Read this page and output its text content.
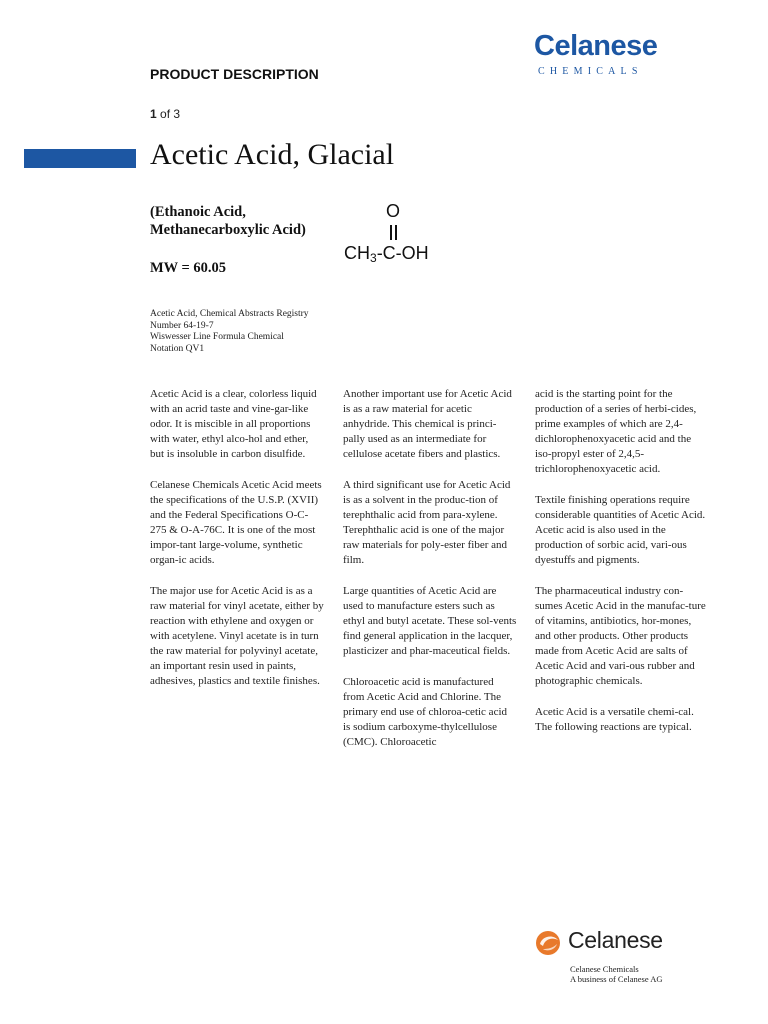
Celanese
CHEMICALS
PRODUCT DESCRIPTION
1 of 3
Acetic Acid, Glacial
(Ethanoic Acid,
Methanecarboxylic Acid)
MW = 60.05
O
$CH_3-C-OH$
Acetic Acid, Chemical Abstracts Registry
Number 64-19-7
Wiswesser Line Formula Chemical
Notation QV1

Acetic Acid is a clear, colorless liquid with an acrid taste and vine-gar-like odor. It is miscible in all proportions with water, ethyl alco-hol and ether, but is insoluble in carbon disulfide.

Celanese Chemicals Acetic Acid meets the specifications of the U.S.P. (XVII) and the Federal Specifications O-C-275 & O-A-76C. It is one of the most impor-tant large-volume, synthetic organ-ic acids.

The major use for Acetic Acid is as a raw material for vinyl acetate, either by reaction with ethylene and oxygen or with acetylene. Vinyl acetate is in turn the raw material for polyvinyl acetate, an important resin used in paints, adhesives, plastics and textile finishes.

Another important use for Acetic Acid is as a raw material for acetic anhydride. This chemical is princi-pally used as an intermediate for cellulose acetate fibers and plastics.

A third significant use for Acetic Acid is as a solvent in the produc-tion of terephthalic acid from para-xylene. Terephthalic acid is one of the major raw materials for poly-ester fiber and film.

Large quantities of Acetic Acid are used to manufacture esters such as ethyl and butyl acetate. These sol-vents find general application in the lacquer, plasticizer and phar-maceutical fields.

Chloroacetic acid is manufactured from Acetic Acid and Chlorine. The primary end use of chloroa-cetic acid is sodium carboxyme-thylcellulose (CMC). Chloroacetic

acid is the starting point for the production of a series of herbi-cides, prime examples of which are 2,4-dichlorophenoxyacetic acid and the iso-propyl ester of 2,4,5-trichlorophenoxyacetic acid.

Textile finishing operations require considerable quantities of Acetic Acid. Acetic acid is also used in the production of sorbic acid, vari-ous dyestuffs and pigments.

The pharmaceutical industry con-sumes Acetic Acid in the manufac-ture of vitamins, antibiotics, hor-mones, and other products. Other products made from Acetic Acid are salts of Acetic Acid and vari-ous rubber and photographic chemicals.

Acetic Acid is a versatile chemi-cal. The following reactions are typical.

Celanese
Celanese Chemicals
A business of Celanese AG
